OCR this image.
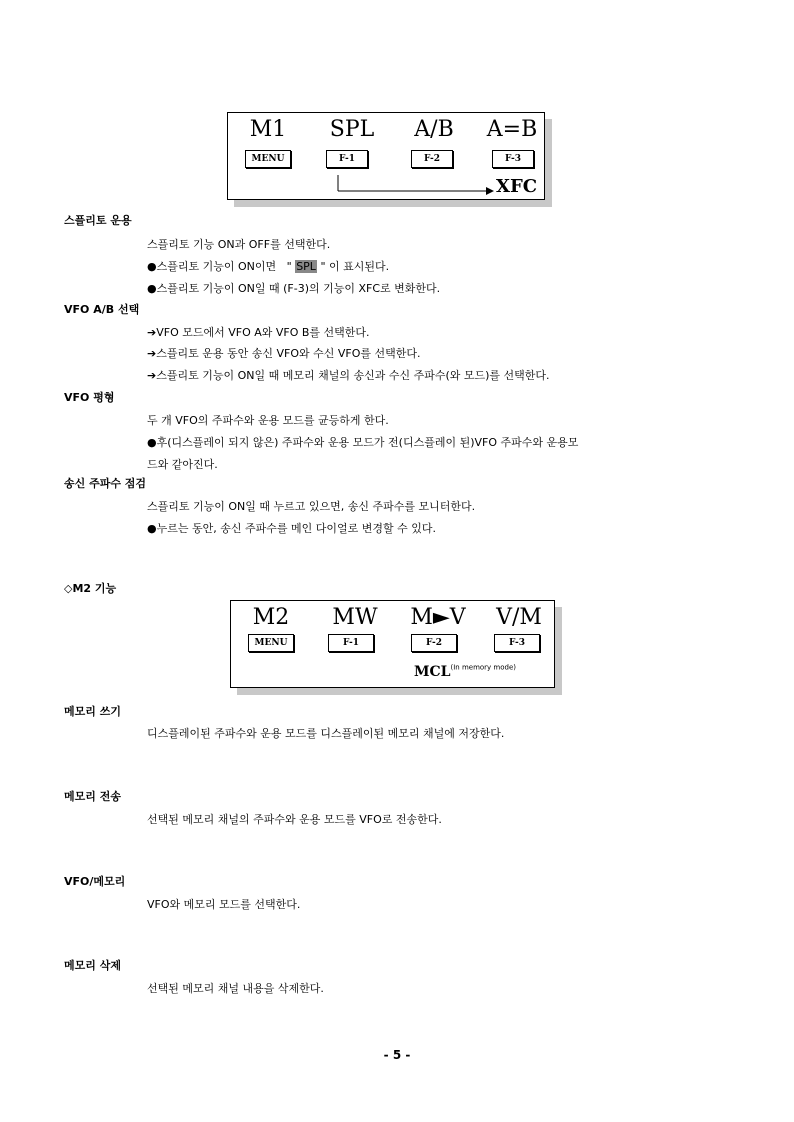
M1	SPL	A/B	A=B
MENU	F-1	F-2	F-3
XFC
스플리토 운용
스플리토 기능 ON과 OFF를 선택한다.
●스플리토 기능이 ON이면 " SPL " 이 표시된다.
●스플리토 기능이 ON일 때 (F-3)의 기능이 XFC로 변화한다.
VFO A/B 선택
➔VFO 모드에서 VFO A와 VFO B를 선택한다.
➔스플리토 운용 동안 송신 VFO와 수신 VFO를 선택한다.
➔스플리토 기능이 ON일 때 메모리 채널의 송신과 수신 주파수(와 모드)를 선택한다.
VFO 평형
두 개 VFO의 주파수와 운용 모드를 균등하게 한다.
●후(디스플레이 되지 않은) 주파수와 운용 모드가 전(디스플레이 된)VFO 주파수와 운용모
드와 같아진다.
송신 주파수 점검
스플리토 기능이 ON일 때 누르고 있으면, 송신 주파수를 모니터한다.
●누르는 동안, 송신 주파수를 메인 다이얼로 변경할 수 있다.
◇M2 기능
M2	MW	M►V	V/M
MENU	F-1	F-2	F-3
$MCL^{(In memory mode)}$
메모리 쓰기
디스플레이된 주파수와 운용 모드를 디스플레이된 메모리 채널에 저장한다.
메모리 전송
선택된 메모리 채널의 주파수와 운용 모드를 VFO로 전송한다.
VFO/메모리
VFO와 메모리 모드를 선택한다.
메모리 삭제
선택된 메모리 채널 내용을 삭제한다.
- 5 -
